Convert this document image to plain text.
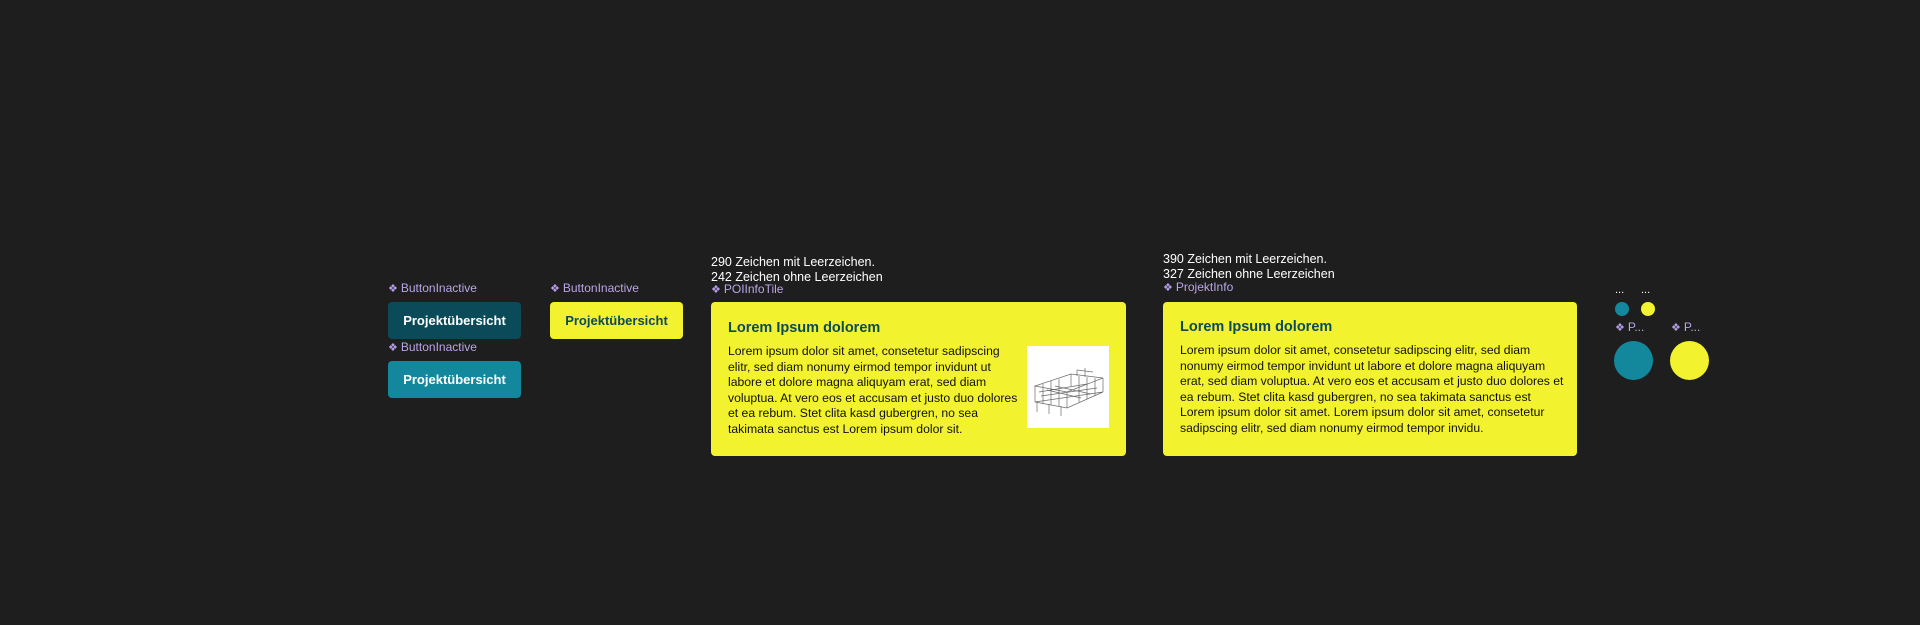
❖ ButtonInactive
Projektübersicht
❖ ButtonInactive
Projektübersicht
❖ ButtonInactive
Projektübersicht
290 Zeichen mit Leerzeichen.
242 Zeichen ohne Leerzeichen
❖ POIInfoTile
Lorem Ipsum dolorem
Lorem ipsum dolor sit amet, consetetur sadipscing elitr, sed diam nonumy eirmod tempor invidunt ut labore et dolore magna aliquyam erat, sed diam voluptua. At vero eos et accusam et justo duo dolores et ea rebum. Stet clita kasd gubergren, no sea takimata sanctus est Lorem ipsum dolor sit.
390 Zeichen mit Leerzeichen.
327 Zeichen ohne Leerzeichen
❖ ProjektInfo
Lorem Ipsum dolorem
Lorem ipsum dolor sit amet, consetetur sadipscing elitr, sed diam nonumy eirmod tempor invidunt ut labore et dolore magna aliquyam erat, sed diam voluptua. At vero eos et accusam et justo duo dolores et ea rebum. Stet clita kasd gubergren, no sea takimata sanctus est Lorem ipsum dolor sit amet. Lorem ipsum dolor sit amet, consetetur sadipscing elitr, sed diam nonumy eirmod tempor invidu.
... ...
❖ P... ❖ P...
